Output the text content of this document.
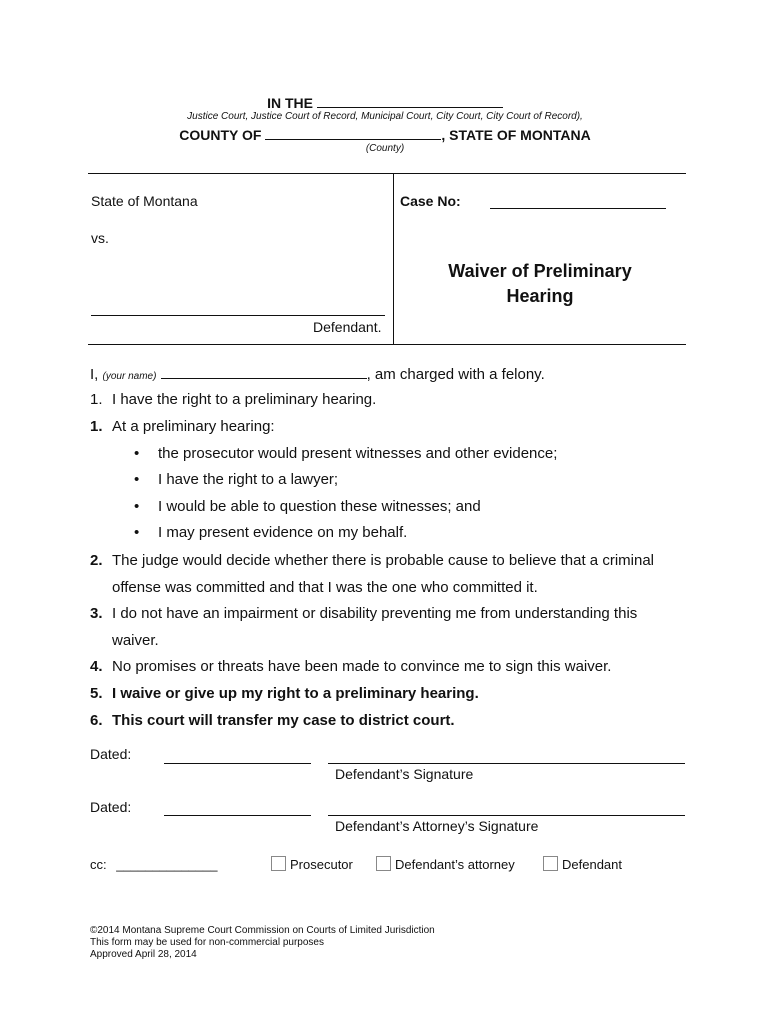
IN THE
Justice Court, Justice Court of Record, Municipal Court, City Court, City Court of Record),
COUNTY OF	, STATE OF MONTANA
(County)
State of Montana
vs.
Defendant.
Case No:
Waiver of Preliminary
Hearing
I, (your name)	, am charged with a felony.
1. I have the right to a preliminary hearing.
1. At a preliminary hearing:
• the prosecutor would present witnesses and other evidence;
• I have the right to a lawyer;
• I would be able to question these witnesses; and
• I may present evidence on my behalf.
2. The judge would decide whether there is probable cause to believe that a criminal
offense was committed and that I was the one who committed it.
3. I do not have an impairment or disability preventing me from understanding this
waiver.
4. No promises or threats have been made to convince me to sign this waiver.
5. I waive or give up my right to a preliminary hearing.
6. This court will transfer my case to district court.
Dated:
Defendant’s Signature
Dated:
Defendant’s Attorney’s Signature
cc: ______________	Prosecutor	Defendant’s attorney	Defendant
©2014 Montana Supreme Court Commission on Courts of Limited Jurisdiction
This form may be used for non-commercial purposes
Approved April 28, 2014
